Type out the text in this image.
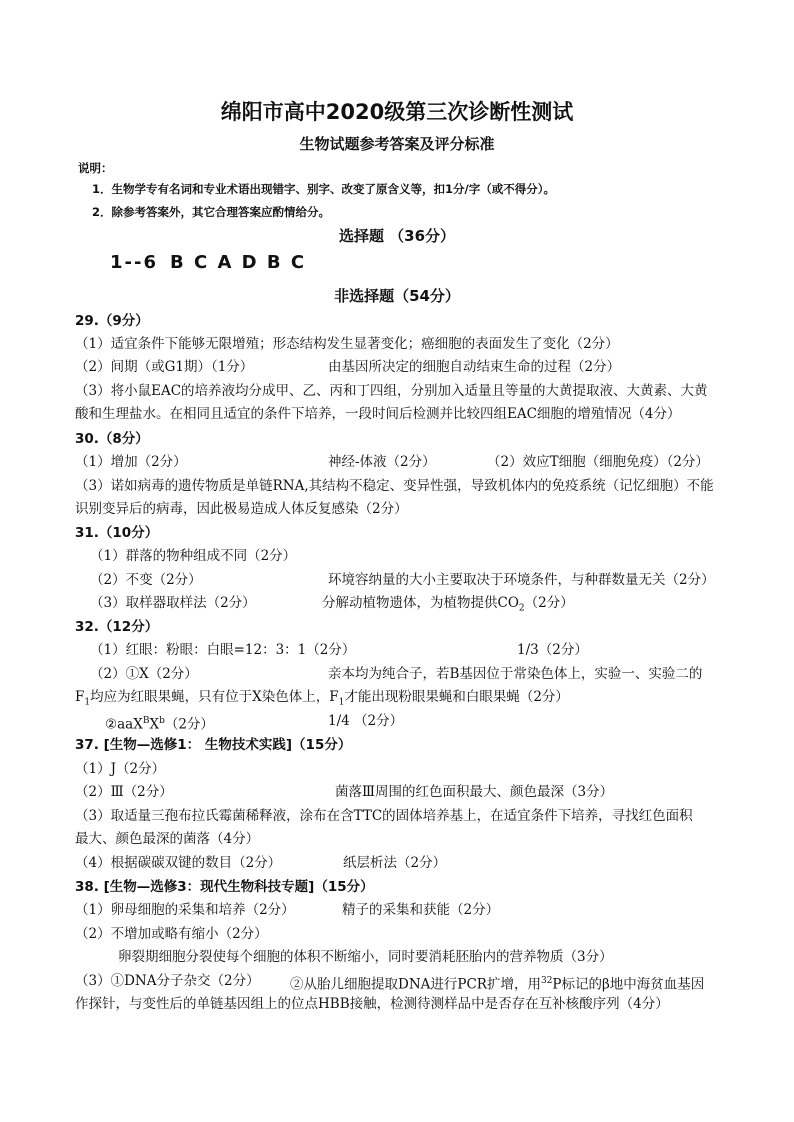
绵阳市高中2020级第三次诊断性测试
生物试题参考答案及评分标准
说明：
1．生物学专有名词和专业术语出现错字、别字、改变了原含义等，扣1分/字（或不得分）。
2．除参考答案外，其它合理答案应酌情给分。
选择题 （36分）
1--6 B C A D B C
非选择题（54分）
29.（9分）
（1）适宜条件下能够无限增殖；形态结构发生显著变化；癌细胞的表面发生了变化（2分）
（2）间期（或G1期）（1分）	由基因所决定的细胞自动结束生命的过程（2分）
（3）将小鼠EAC的培养液均分成甲、乙、丙和丁四组，分别加入适量且等量的大黄提取液、大黄素、大黄
酸和生理盐水。在相同且适宜的条件下培养，一段时间后检测并比较四组EAC细胞的增殖情况（4分）
30.（8分）
（1）增加（2分）	神经-体液（2分）	（2）效应T细胞（细胞免疫）（2分）
（3）诺如病毒的遗传物质是单链RNA,其结构不稳定、变异性强，导致机体内的免疫系统（记忆细胞）不能
识别变异后的病毒，因此极易造成人体反复感染（2分）
31.（10分）
（1）群落的物种组成不同（2分）
（2）不变（2分）	环境容纳量的大小主要取决于环境条件，与种群数量无关（2分）
（3）取样器取样法（2分）	分解动植物遗体，为植物提供$CO_2(2$分）
32.（12分）
（1）红眼：粉眼：白眼=12：3：1（2分）	1/3（2分）
（2）①X（2分）	亲本均为纯合子，若B基因位于常染色体上，实验一、实验二的
$F_1$均应为红眼果蝇，只有位于X染色体上，$F_1$才能出现粉眼果蝇和白眼果蝇（2分）
$②aaX^BX^b(2$分）	1/4 （2分）
37. [生物—选修1： 生物技术实践]（15分）
（1）J（2分）
（2）Ⅲ（2分）	菌落Ⅲ周围的红色面积最大、颜色最深（3分）
（3）取适量三孢布拉氏霉菌稀释液，涂布在含TTC的固体培养基上，在适宜条件下培养，寻找红色面积
最大、颜色最深的菌落（4分）
（4）根据碳碳双键的数目（2分）	纸层析法（2分）
38. [生物—选修3：现代生物科技专题]（15分）
（1）卵母细胞的采集和培养（2分）	精子的采集和获能（2分）
（2）不增加或略有缩小（2分）
卵裂期细胞分裂使每个细胞的体积不断缩小，同时要消耗胚胎内的营养物质（3分）
（3）①DNA分子杂交（2分） ②从胎儿细胞提取DNA进行PCR扩增，用$^{32}$P标记的β地中海贫血基因
作探针，与变性后的单链基因组上的位点HBB接触，检测待测样品中是否存在互补核酸序列（4分）
